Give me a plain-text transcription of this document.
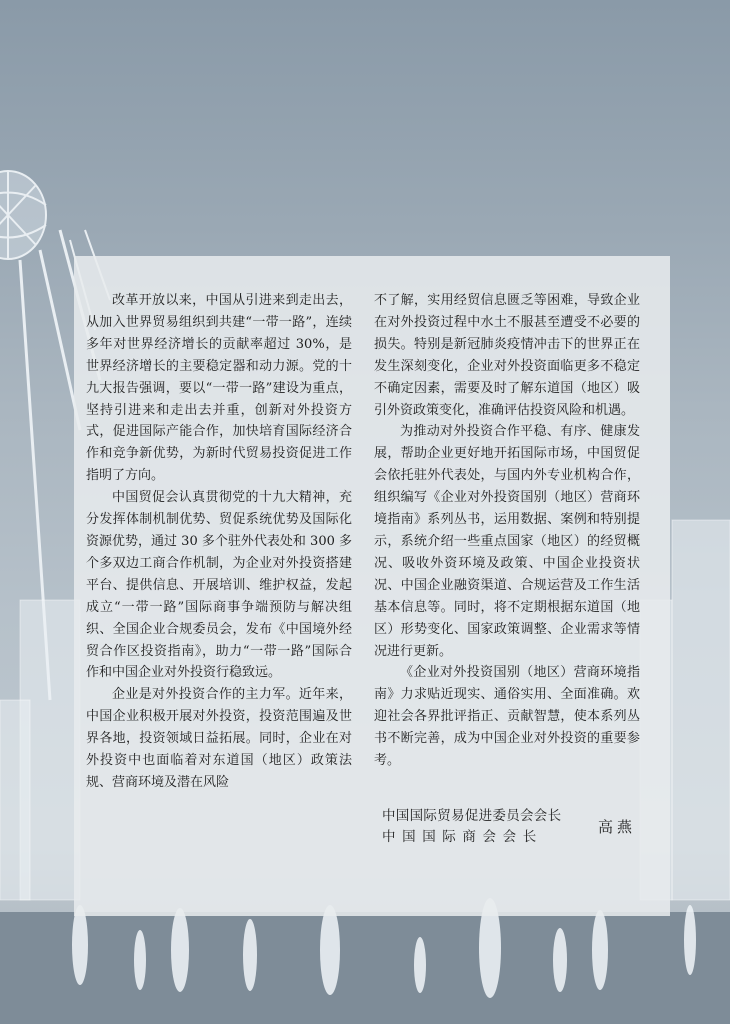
改革开放以来，中国从引进来到走出去，从加入世界贸易组织到共建“一带一路”，连续多年对世界经济增长的贡献率超过 30%，是世界经济增长的主要稳定器和动力源。党的十九大报告强调，要以“一带一路”建设为重点，坚持引进来和走出去并重，创新对外投资方式，促进国际产能合作，加快培育国际经济合作和竞争新优势，为新时代贸易投资促进工作指明了方向。

中国贸促会认真贯彻党的十九大精神，充分发挥体制机制优势、贸促系统优势及国际化资源优势，通过 30 多个驻外代表处和 300 多个多双边工商合作机制，为企业对外投资搭建平台、提供信息、开展培训、维护权益，发起成立“一带一路”国际商事争端预防与解决组织、全国企业合规委员会，发布《中国境外经贸合作区投资指南》，助力“一带一路”国际合作和中国企业对外投资行稳致远。

企业是对外投资合作的主力军。近年来，中国企业积极开展对外投资，投资范围遍及世界各地，投资领域日益拓展。同时，企业在对外投资中也面临着对东道国（地区）政策法规、营商环境及潜在风险

不了解，实用经贸信息匮乏等困难，导致企业在对外投资过程中水土不服甚至遭受不必要的损失。特别是新冠肺炎疫情冲击下的世界正在发生深刻变化，企业对外投资面临更多不稳定不确定因素，需要及时了解东道国（地区）吸引外资政策变化，准确评估投资风险和机遇。

为推动对外投资合作平稳、有序、健康发展，帮助企业更好地开拓国际市场，中国贸促会依托驻外代表处，与国内外专业机构合作，组织编写《企业对外投资国别（地区）营商环境指南》系列丛书，运用数据、案例和特别提示，系统介绍一些重点国家（地区）的经贸概况、吸收外资环境及政策、中国企业投资状况、中国企业融资渠道、合规运营及工作生活基本信息等。同时，将不定期根据东道国（地区）形势变化、国家政策调整、企业需求等情况进行更新。

《企业对外投资国别（地区）营商环境指南》力求贴近现实、通俗实用、全面准确。欢迎社会各界批评指正、贡献智慧，使本系列丛书不断完善，成为中国企业对外投资的重要参考。

中国国际贸易促进委员会会长
中国国际商会会长
高燕
